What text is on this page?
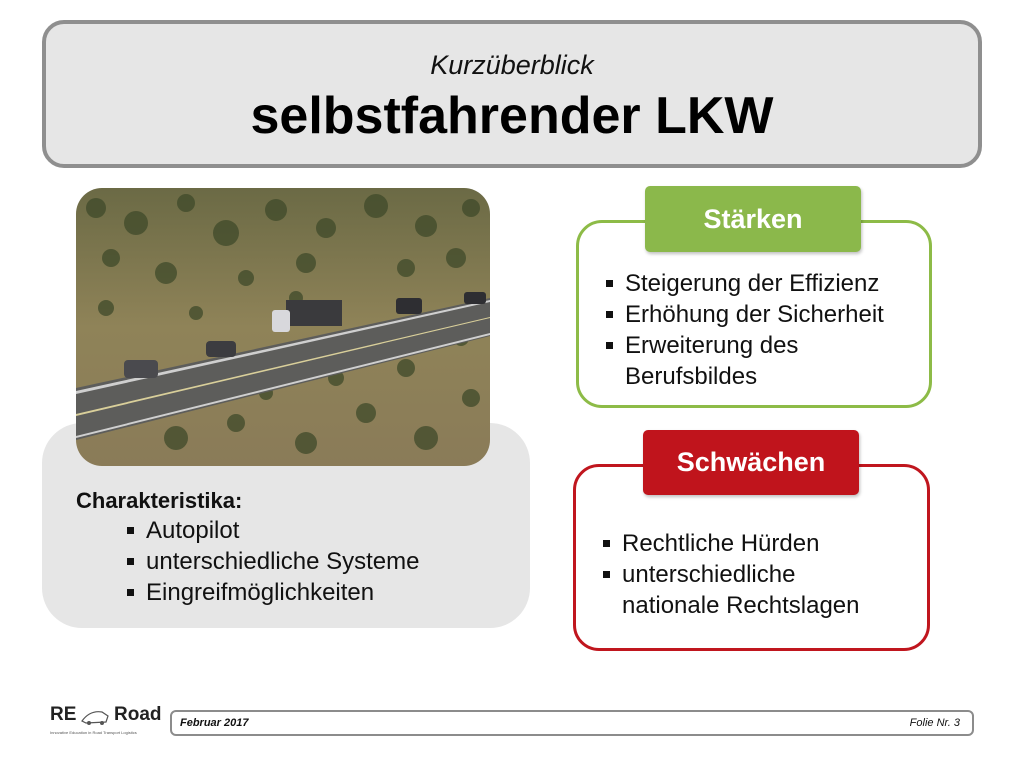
Kurzüberblick
selbstfahrender LKW
Charakteristika:
Autopilot
unterschiedliche Systeme
Eingreifmöglichkeiten
Stärken
Steigerung der Effizienz
Erhöhung der Sicherheit
Erweiterung des Berufsbildes
Schwächen
Rechtliche Hürden
unterschiedliche nationale Rechtslagen
RE Road
Innovative Education in Road Transport Logistics
Februar 2017	Folie Nr. 3
